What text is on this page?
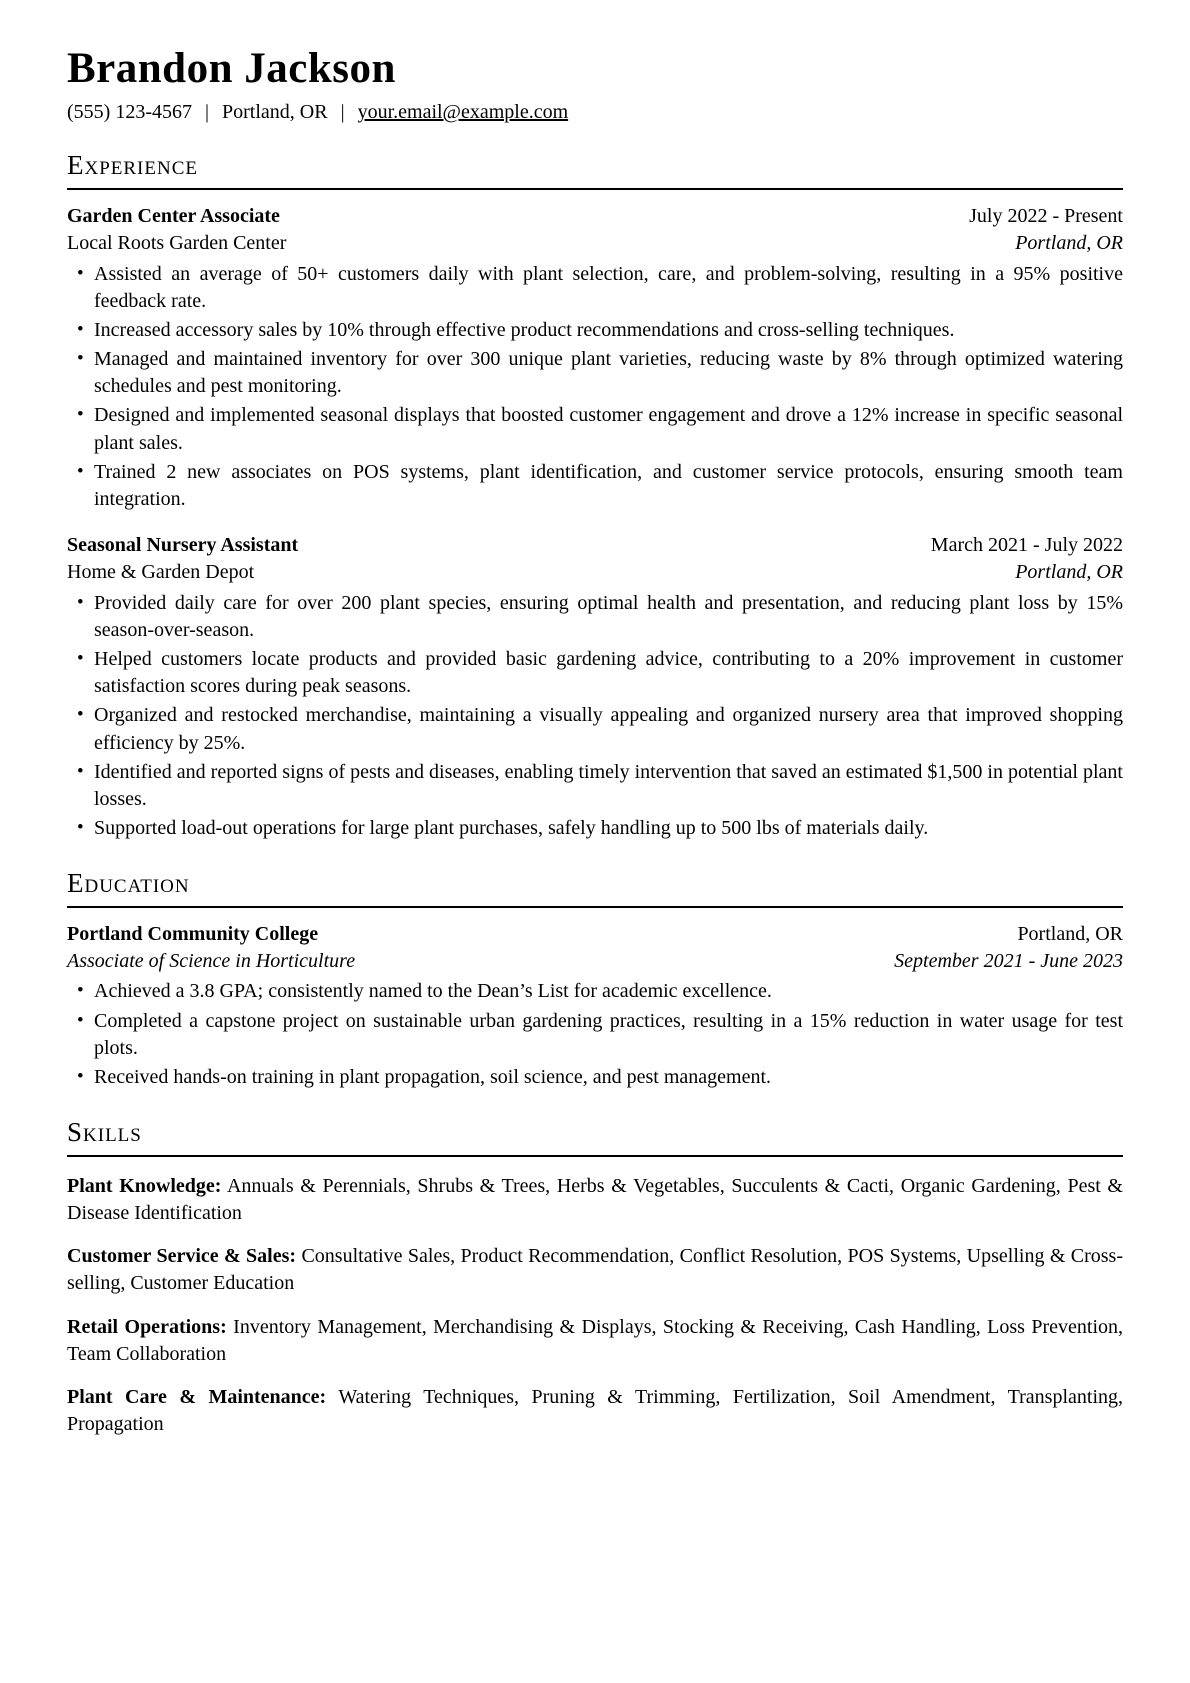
Brandon Jackson
(555) 123-4567 | Portland, OR | your.email@example.com
Experience
Garden Center Associate	July 2022 - Present
Local Roots Garden Center	Portland, OR
• Assisted an average of 50+ customers daily with plant selection, care, and problem-solving, resulting in a 95% positive feedback rate.
• Increased accessory sales by 10% through effective product recommendations and cross-selling techniques.
• Managed and maintained inventory for over 300 unique plant varieties, reducing waste by 8% through optimized watering schedules and pest monitoring.
• Designed and implemented seasonal displays that boosted customer engagement and drove a 12% increase in specific seasonal plant sales.
• Trained 2 new associates on POS systems, plant identification, and customer service protocols, ensuring smooth team integration.
Seasonal Nursery Assistant	March 2021 - July 2022
Home & Garden Depot	Portland, OR
• Provided daily care for over 200 plant species, ensuring optimal health and presentation, and reducing plant loss by 15% season-over-season.
• Helped customers locate products and provided basic gardening advice, contributing to a 20% improvement in customer satisfaction scores during peak seasons.
• Organized and restocked merchandise, maintaining a visually appealing and organized nursery area that improved shopping efficiency by 25%.
• Identified and reported signs of pests and diseases, enabling timely intervention that saved an estimated $1,500 in potential plant losses.
• Supported load-out operations for large plant purchases, safely handling up to 500 lbs of materials daily.
Education
Portland Community College	Portland, OR
Associate of Science in Horticulture	September 2021 - June 2023
• Achieved a 3.8 GPA; consistently named to the Dean’s List for academic excellence.
• Completed a capstone project on sustainable urban gardening practices, resulting in a 15% reduction in water usage for test plots.
• Received hands-on training in plant propagation, soil science, and pest management.
Skills

Plant Knowledge: Annuals & Perennials, Shrubs & Trees, Herbs & Vegetables, Succulents & Cacti, Organic Gardening, Pest & Disease Identification

Customer Service & Sales: Consultative Sales, Product Recommendation, Conflict Resolution, POS Systems, Upselling & Cross-selling, Customer Education

Retail Operations: Inventory Management, Merchandising & Displays, Stocking & Receiving, Cash Handling, Loss Prevention, Team Collaboration

Plant Care & Maintenance: Watering Techniques, Pruning & Trimming, Fertilization, Soil Amendment, Transplanting, Propagation
